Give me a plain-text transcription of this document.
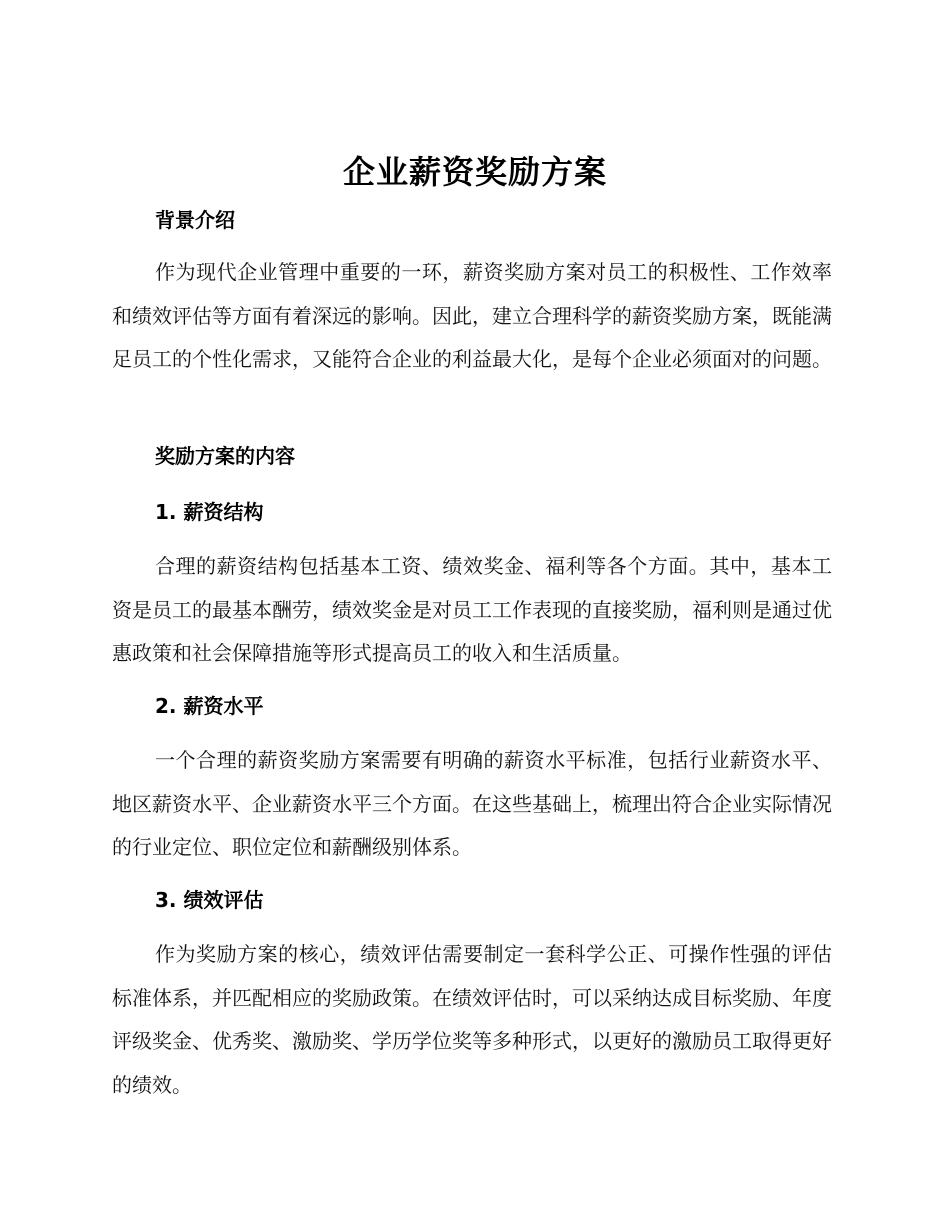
企业薪资奖励方案
背景介绍

作为现代企业管理中重要的一环，薪资奖励方案对员工的积极性、工作效率和绩效评估等方面有着深远的影响。因此，建立合理科学的薪资奖励方案，既能满足员工的个性化需求，又能符合企业的利益最大化，是每个企业必须面对的问题。

奖励方案的内容
1. 薪资结构

合理的薪资结构包括基本工资、绩效奖金、福利等各个方面。其中，基本工资是员工的最基本酬劳，绩效奖金是对员工工作表现的直接奖励，福利则是通过优惠政策和社会保障措施等形式提高员工的收入和生活质量。

2. 薪资水平

一个合理的薪资奖励方案需要有明确的薪资水平标准，包括行业薪资水平、地区薪资水平、企业薪资水平三个方面。在这些基础上，梳理出符合企业实际情况的行业定位、职位定位和薪酬级别体系。

3. 绩效评估

作为奖励方案的核心，绩效评估需要制定一套科学公正、可操作性强的评估标准体系，并匹配相应的奖励政策。在绩效评估时，可以采纳达成目标奖励、年度评级奖金、优秀奖、激励奖、学历学位奖等多种形式，以更好的激励员工取得更好的绩效。
